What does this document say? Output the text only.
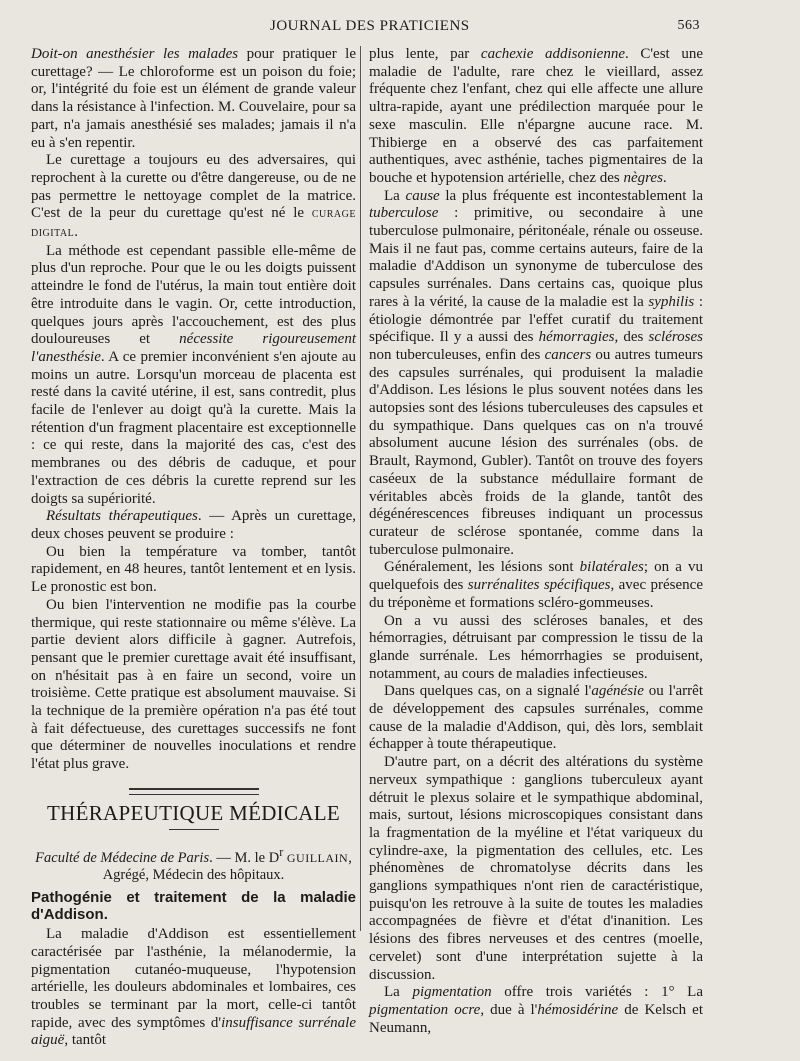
JOURNAL DES PRATICIENS	563

Doit-on anesthésier les malades pour pratiquer le curettage? — Le chloroforme est un poison du foie; or, l'intégrité du foie est un élément de grande valeur dans la résistance à l'infection. M. Couvelaire, pour sa part, n'a jamais anesthésié ses malades; jamais il n'a eu à s'en repentir.

Le curettage a toujours eu des adversaires, qui reprochent à la curette ou d'être dangereuse, ou de ne pas permettre le nettoyage complet de la matrice. C'est de la peur du curettage qu'est né le CURAGE DIGITAL.

La méthode est cependant passible elle-même de plus d'un reproche. Pour que le ou les doigts puissent atteindre le fond de l'utérus, la main tout entière doit être introduite dans le vagin. Or, cette introduction, quelques jours après l'accouchement, est des plus douloureuses et nécessite rigoureusement l'anesthésie. A ce premier inconvénient s'en ajoute au moins un autre. Lorsqu'un morceau de placenta est resté dans la cavité utérine, il est, sans contredit, plus facile de l'enlever au doigt qu'à la curette. Mais la rétention d'un fragment placentaire est exceptionnelle : ce qui reste, dans la majorité des cas, c'est des membranes ou des débris de caduque, et pour l'extraction de ces débris la curette reprend sur les doigts sa supériorité.

Résultats thérapeutiques. — Après un curettage, deux choses peuvent se produire :

Ou bien la température va tomber, tantôt rapidement, en 48 heures, tantôt lentement et en lysis. Le pronostic est bon.

Ou bien l'intervention ne modifie pas la courbe thermique, qui reste stationnaire ou même s'élève. La partie devient alors difficile à gagner. Autrefois, pensant que le premier curettage avait été insuffisant, on n'hésitait pas à en faire un second, voire un troisième. Cette pratique est absolument mauvaise. Si la technique de la première opération n'a pas été tout à fait défectueuse, des curettages successifs ne font que déterminer de nouvelles inoculations et rendre l'état plus grave.

THÉRAPEUTIQUE MÉDICALE
Faculté de Médecine de Paris. — M. le $D^r$ GUILLAIN,
Agrégé, Médecin des hôpitaux.
Pathogénie et traitement de la maladie d'Addison.

La maladie d'Addison est essentiellement caractérisée par l'asthénie, la mélanodermie, la pigmentation cutanéo-muqueuse, l'hypotension artérielle, les douleurs abdominales et lombaires, ces troubles se terminant par la mort, celle-ci tantôt rapide, avec des symptômes d'insuffisance surrénale aiguë, tantôt

plus lente, par cachexie addisonienne. C'est une maladie de l'adulte, rare chez le vieillard, assez fréquente chez l'enfant, chez qui elle affecte une allure ultra-rapide, ayant une prédilection marquée pour le sexe masculin. Elle n'épargne aucune race. M. Thibierge en a observé des cas parfaitement authentiques, avec asthénie, taches pigmentaires de la bouche et hypotension artérielle, chez des nègres.

La cause la plus fréquente est incontestablement la tuberculose : primitive, ou secondaire à une tuberculose pulmonaire, péritonéale, rénale ou osseuse. Mais il ne faut pas, comme certains auteurs, faire de la maladie d'Addison un synonyme de tuberculose des capsules surrénales. Dans certains cas, quoique plus rares à la vérité, la cause de la maladie est la syphilis : étiologie démontrée par l'effet curatif du traitement spécifique. Il y a aussi des hémorragies, des scléroses non tuberculeuses, enfin des cancers ou autres tumeurs des capsules surrénales, qui produisent la maladie d'Addison. Les lésions le plus souvent notées dans les autopsies sont des lésions tuberculeuses des capsules et du sympathique. Dans quelques cas on n'a trouvé absolument aucune lésion des surrénales (obs. de Brault, Raymond, Gubler). Tantôt on trouve des foyers caséeux de la substance médullaire formant de véritables abcès froids de la glande, tantôt des dégénérescences fibreuses indiquant un processus curateur de sclérose spontanée, comme dans la tuberculose pulmonaire.

Généralement, les lésions sont bilatérales; on a vu quelquefois des surrénalites spécifiques, avec présence du tréponème et formations scléro-gommeuses.

On a vu aussi des scléroses banales, et des hémorragies, détruisant par compression le tissu de la glande surrénale. Les hémorrhagies se produisent, notamment, au cours de maladies infectieuses.

Dans quelques cas, on a signalé l'agénésie ou l'arrêt de développement des capsules surrénales, comme cause de la maladie d'Addison, qui, dès lors, semblait échapper à toute thérapeutique.

D'autre part, on a décrit des altérations du système nerveux sympathique : ganglions tuberculeux ayant détruit le plexus solaire et le sympathique abdominal, mais, surtout, lésions microscopiques consistant dans la fragmentation de la myéline et l'état variqueux du cylindre-axe, la pigmentation des cellules, etc. Les phénomènes de chromatolyse décrits dans les ganglions sympathiques n'ont rien de caractéristique, puisqu'on les retrouve à la suite de toutes les maladies accompagnées de fièvre et d'état d'inanition. Les lésions des fibres nerveuses et des centres (moelle, cervelet) sont d'une interprétation sujette à la discussion.

La pigmentation offre trois variétés : 1° La pigmentation ocre, due à l'hémosidérine de Kelsch et Neumann,
